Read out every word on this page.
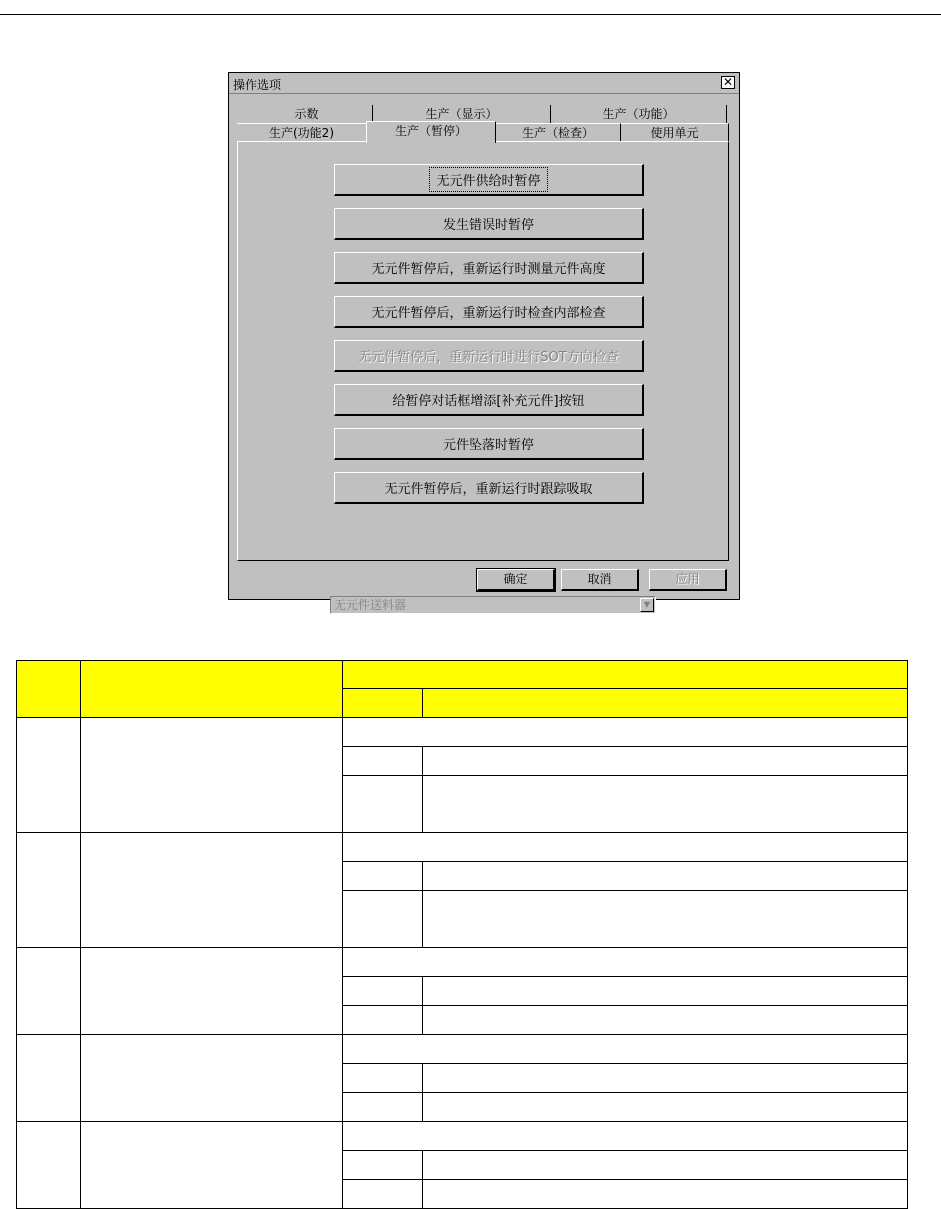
操作选项	✕
示数	生产（显示）	生产（功能）
生产(功能2)	生产（暂停）	生产（检查）	使用单元
无元件供给时暂停
发生错误时暂停
无元件暂停后，重新运行时测量元件高度
无元件暂停后，重新运行时检查内部检查
无元件暂停后，重新运行时进行SOT方向检查
给暂停对话框增添[补充元件]按钮
元件坠落时暂停
无元件暂停后，重新运行时跟踪吸取
无元件送料器	▼
确定	取消	应用
